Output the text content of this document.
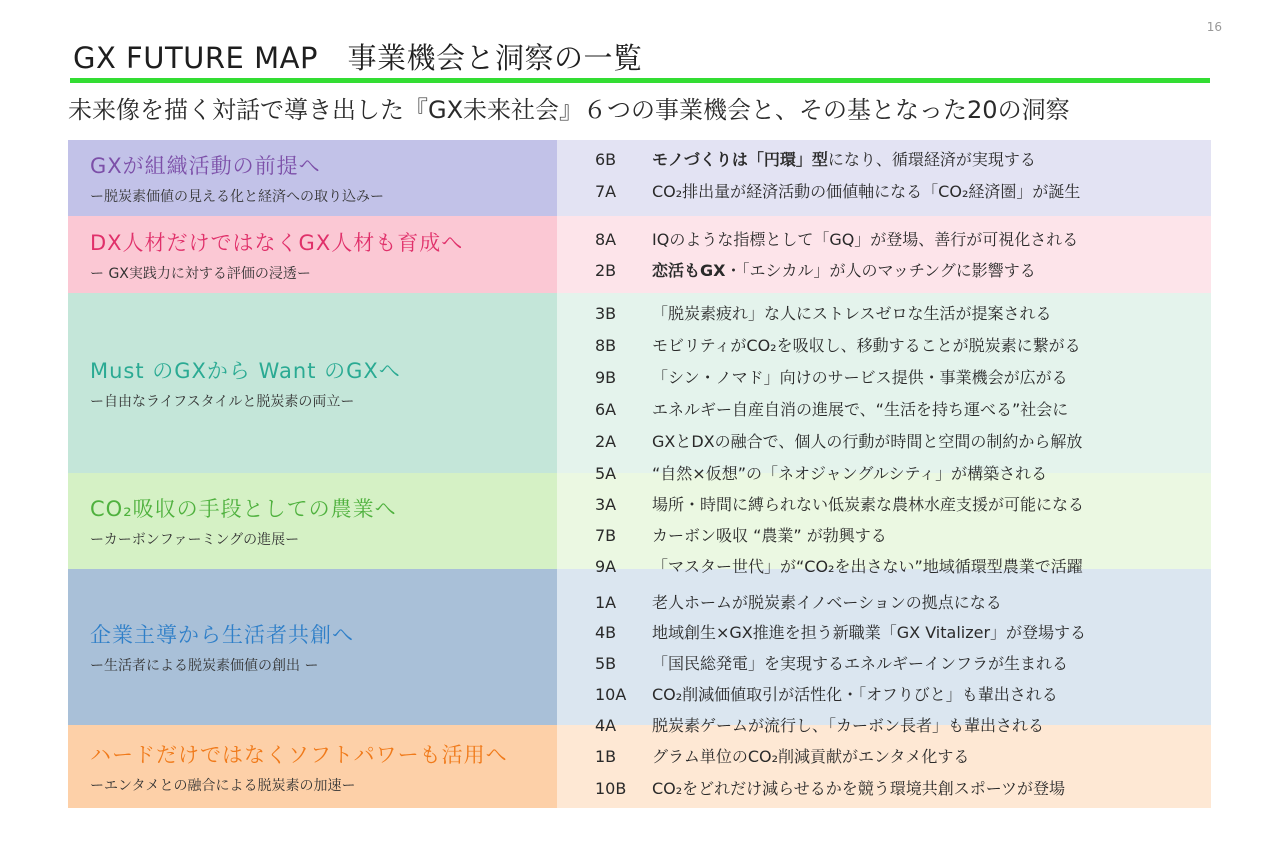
16
GX FUTURE MAP　事業機会と洞察の一覧
未来像を描く対話で導き出した『GX未来社会』６つの事業機会と、その基となった20の洞察
GXが組織活動の前提へ
ー脱炭素価値の見える化と経済への取り込みー
DX人材だけではなくGX人材も育成へ
ー GX実践力に対する評価の浸透ー
Must のGXから Want のGXへ
ー自由なライフスタイルと脱炭素の両立ー
CO₂吸収の手段としての農業へ
ーカーボンファーミングの進展ー
企業主導から生活者共創へ
ー生活者による脱炭素価値の創出 ー
ハードだけではなくソフトパワーも活用へ
ーエンタメとの融合による脱炭素の加速ー
6B モノづくりは「円環」型になり、循環経済が実現する
7A CO₂排出量が経済活動の価値軸になる「CO₂経済圏」が誕生
8A IQのような指標として「GQ」が登場、善行が可視化される
2B 恋活もGX・「エシカル」が人のマッチングに影響する
3B 「脱炭素疲れ」な人にストレスゼロな生活が提案される
8B モビリティがCO₂を吸収し、移動することが脱炭素に繋がる
9B 「シン・ノマド」向けのサービス提供・事業機会が広がる
6A エネルギー自産自消の進展で、“生活を持ち運べる”社会に
2A GXとDXの融合で、個人の行動が時間と空間の制約から解放
5A “自然×仮想”の「ネオジャングルシティ」が構築される
3A 場所・時間に縛られない低炭素な農林水産支援が可能になる
7B カーボン吸収 “農業” が勃興する
9A 「マスター世代」が“CO₂を出さない”地域循環型農業で活躍
1A 老人ホームが脱炭素イノベーションの拠点になる
4B 地域創生×GX推進を担う新職業「GX Vitalizer」が登場する
5B 「国民総発電」を実現するエネルギーインフラが生まれる
10A CO₂削減価値取引が活性化・「オフりびと」も輩出される
4A 脱炭素ゲームが流行し、「カーボン長者」も輩出される
1B グラム単位のCO₂削減貢献がエンタメ化する
10B CO₂をどれだけ減らせるかを競う環境共創スポーツが登場
